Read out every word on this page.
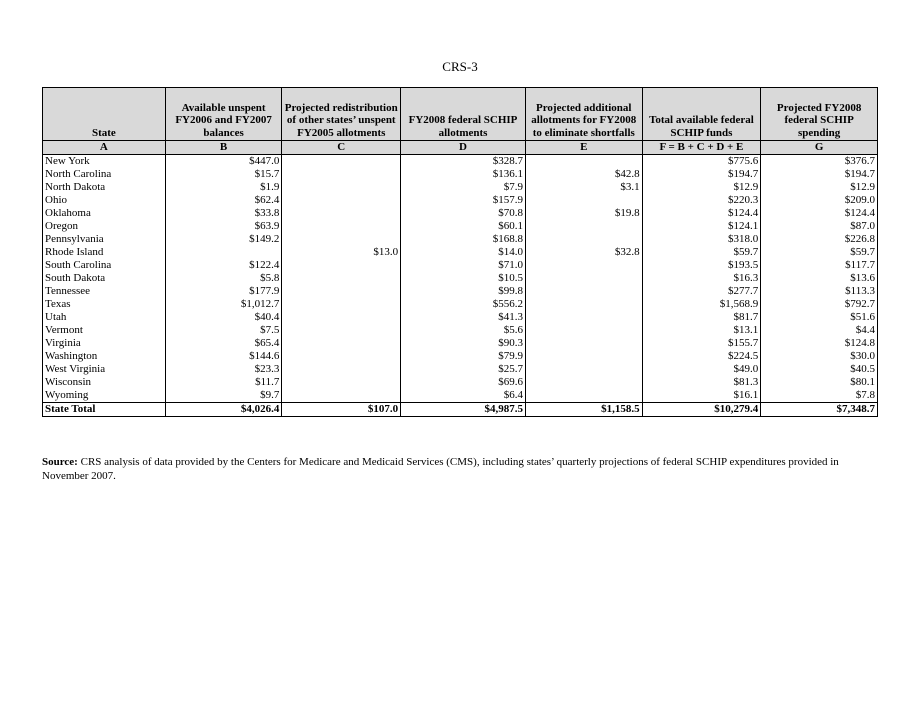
CRS-3
State	Available unspent FY2006 and FY2007 balances	Projected redistribution of other states’ unspent FY2005 allotments	FY2008 federal SCHIP allotments	Projected additional allotments for FY2008 to eliminate shortfalls	Total available federal SCHIP funds	Projected FY2008 federal SCHIP spending
A	B	C	D	E	F = B + C + D + E	G
New York	$447.0		$328.7		$775.6	$376.7
North Carolina	$15.7		$136.1	$42.8	$194.7	$194.7
North Dakota	$1.9		$7.9	$3.1	$12.9	$12.9
Ohio	$62.4		$157.9		$220.3	$209.0
Oklahoma	$33.8		$70.8	$19.8	$124.4	$124.4
Oregon	$63.9		$60.1		$124.1	$87.0
Pennsylvania	$149.2		$168.8		$318.0	$226.8
Rhode Island		$13.0	$14.0	$32.8	$59.7	$59.7
South Carolina	$122.4		$71.0		$193.5	$117.7
South Dakota	$5.8		$10.5		$16.3	$13.6
Tennessee	$177.9		$99.8		$277.7	$113.3
Texas	$1,012.7		$556.2		$1,568.9	$792.7
Utah	$40.4		$41.3		$81.7	$51.6
Vermont	$7.5		$5.6		$13.1	$4.4
Virginia	$65.4		$90.3		$155.7	$124.8
Washington	$144.6		$79.9		$224.5	$30.0
West Virginia	$23.3		$25.7		$49.0	$40.5
Wisconsin	$11.7		$69.6		$81.3	$80.1
Wyoming	$9.7		$6.4		$16.1	$7.8
State Total	$4,026.4	$107.0	$4,987.5	$1,158.5	$10,279.4	$7,348.7
Source: CRS analysis of data provided by the Centers for Medicare and Medicaid Services (CMS), including states’ quarterly projections of federal SCHIP expenditures provided in November 2007.
